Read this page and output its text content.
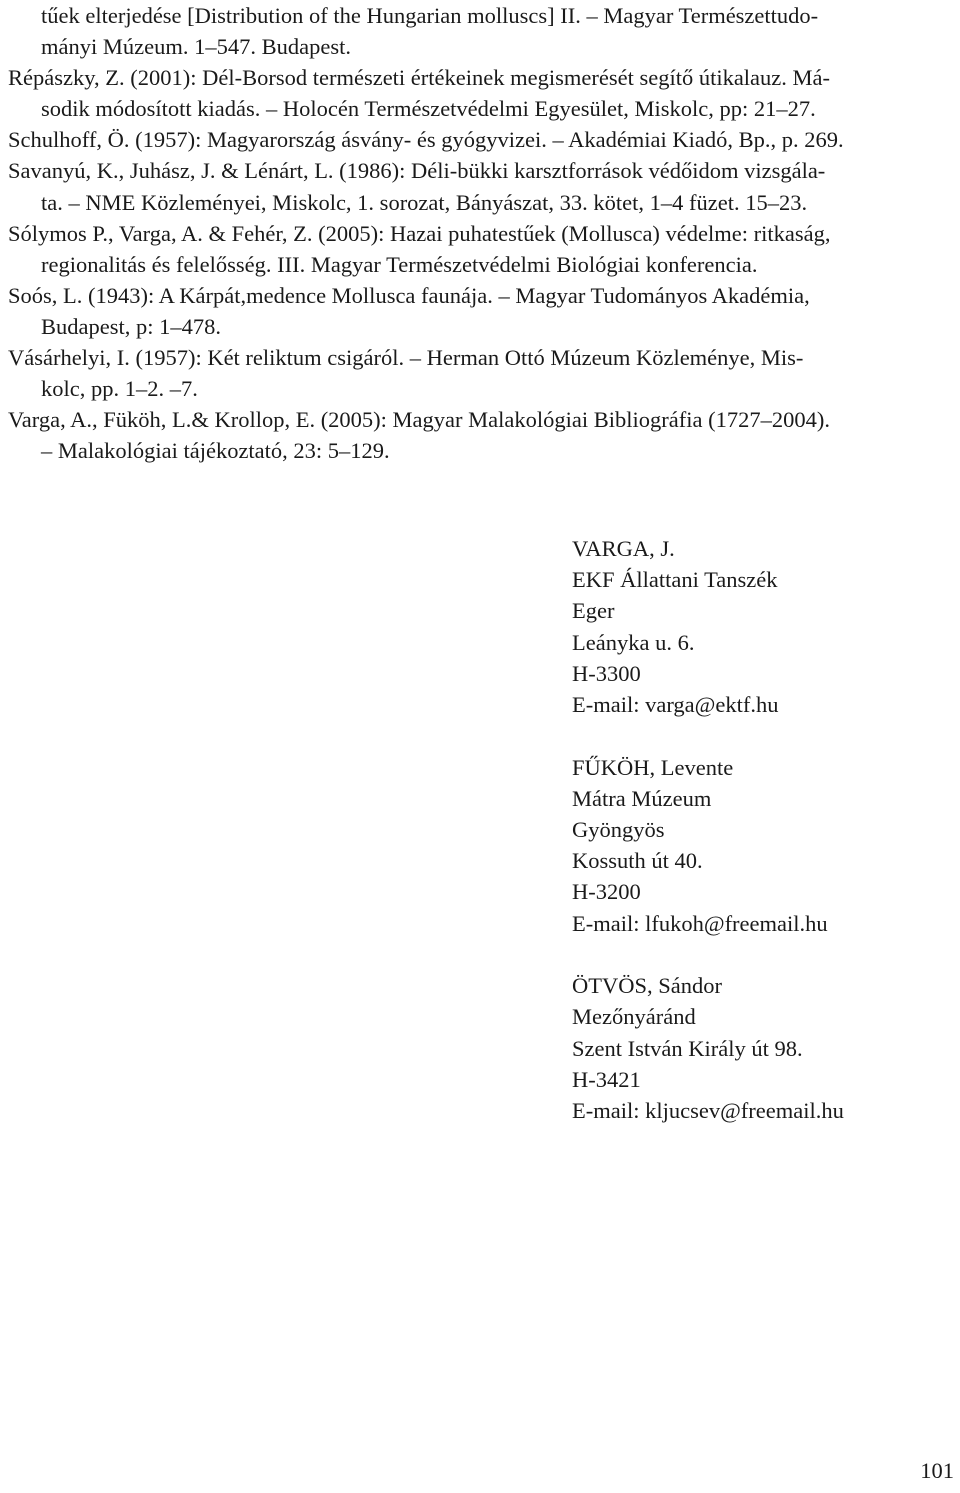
tűek elterjedése [Distribution of the Hungarian molluscs] II. – Magyar Természettudo-
mányi Múzeum. 1–547. Budapest.
Répászky, Z. (2001): Dél-Borsod természeti értékeinek megismerését segítő útikalauz. Má-
sodik módosított kiadás. – Holocén Természetvédelmi Egyesület, Miskolc, pp: 21–27.
Schulhoff, Ö. (1957): Magyarország ásvány- és gyógyvizei. – Akadémiai Kiadó, Bp., p. 269.
Savanyú, K., Juhász, J. & Lénárt, L. (1986): Déli-bükki karsztforrások védőidom vizsgála-
ta. – NME Közleményei, Miskolc, 1. sorozat, Bányászat, 33. kötet, 1–4 füzet. 15–23.
Sólymos P., Varga, A. & Fehér, Z. (2005): Hazai puhatestűek (Mollusca) védelme: ritkaság,
regionalitás és felelősség. III. Magyar Természetvédelmi Biológiai konferencia.
Soós, L. (1943): A Kárpát,medence Mollusca faunája. – Magyar Tudományos Akadémia,
Budapest, p: 1–478.
Vásárhelyi, I. (1957): Két reliktum csigáról. – Herman Ottó Múzeum Közleménye, Mis-
kolc, pp. 1–2. –7.
Varga, A., Füköh, L.& Krollop, E. (2005): Magyar Malakológiai Bibliográfia (1727–2004).
– Malakológiai tájékoztató, 23: 5–129.
VARGA, J.
EKF Állattani Tanszék
Eger
Leányka u. 6.
H-3300
E-mail: varga@ektf.hu
FŰKÖH, Levente
Mátra Múzeum
Gyöngyös
Kossuth út 40.
H-3200
E-mail: lfukoh@freemail.hu
ÖTVÖS, Sándor
Mezőnyáránd
Szent István Király út 98.
H-3421
E-mail: kljucsev@freemail.hu
101
